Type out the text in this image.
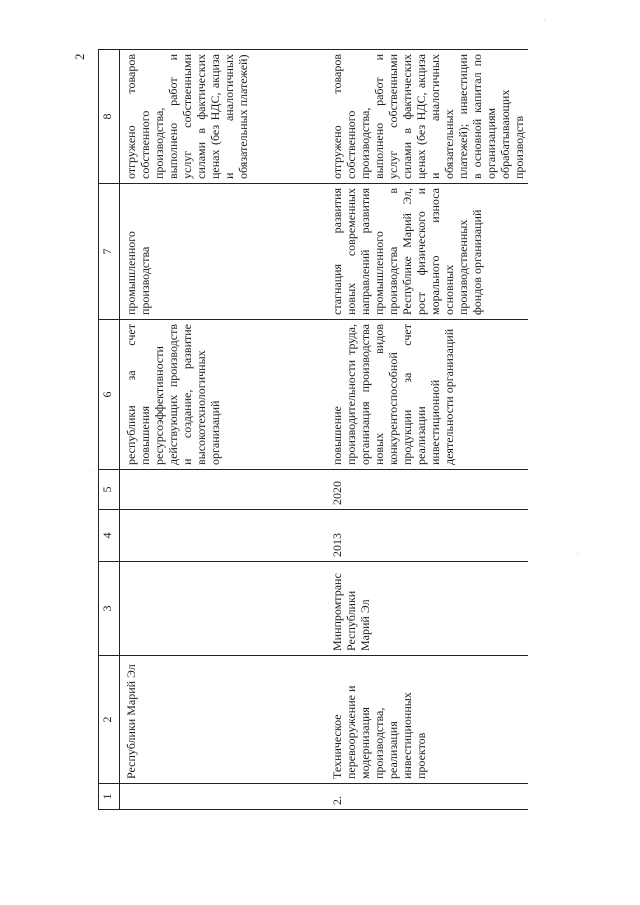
2
1	2	3	4	5	6	7	8
	Республики Марий Эл				республики за счет повышения ресурсоэффективности действующих производств и создание, развитие высокотехнологичных организаций	промышленного производства	отгружено товаров собственного производства, выполнено работ и услуг собственными силами в фактических ценах (без НДС, акциза и аналогичных обязательных платежей)
2.	Техническое перевооружение и модернизация производства, реализация инвестиционных проектов	Минпромтранс Республики Марий Эл	2013	2020	повышение производительности труда, организация производства новых видов конкурентоспособной продукции за счет реализации инвестиционной деятельности организаций	стагнация развития новых современных направлений развития промышленного производства в Республике Марий Эл, рост физического и морального износа основных производственных фондов организаций	отгружено товаров собственного производства, выполнено работ и услуг собственными силами в фактических ценах (без НДС, акциза и аналогичных обязательных платежей); инвестиции в основной капитал по организациям обрабатывающих производств
